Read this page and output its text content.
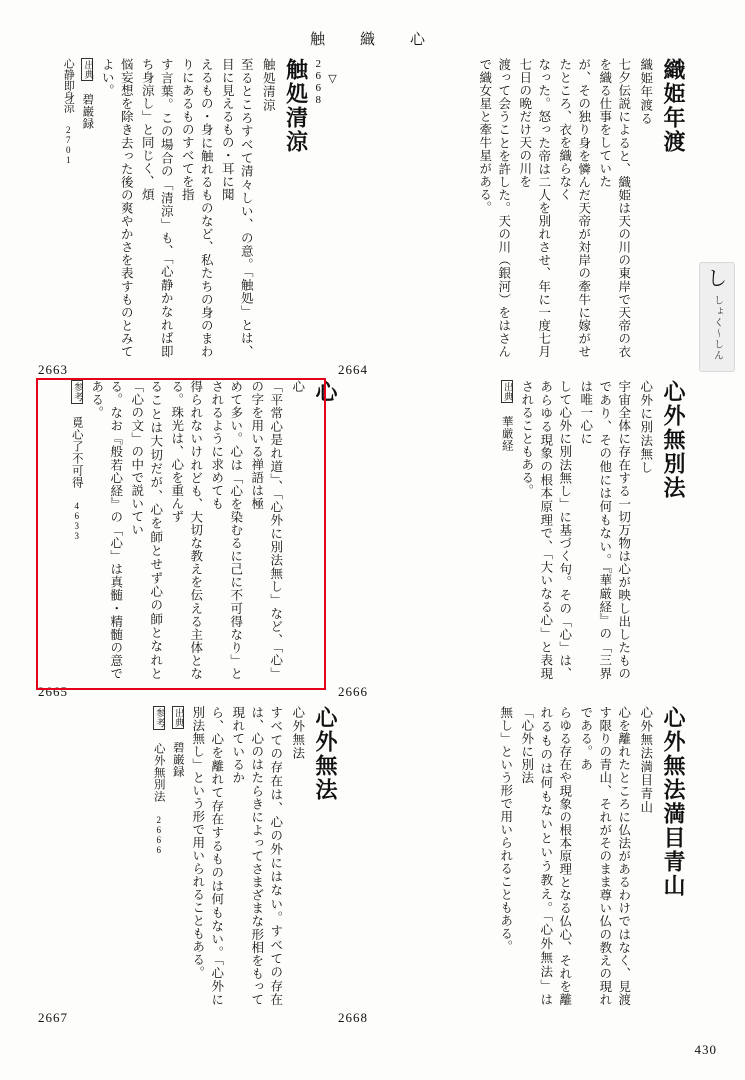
触　織　心
し
しょく〜しん
▽ 2668
触処清涼
触処清涼
至るところすべて清々しい、の意。「触処」とは、目に見えるもの・耳に聞
えるもの・身に触れるものなど、私たちの身のまわりにあるものすべてを指
す言葉。この場合の「清涼」も、「心静かなれば即ち身涼し」と同じく、煩
悩妄想を除き去った後の爽やかさを表すものとみてよい。
出典 碧巌録
心静即身涼 2701
2663
織姫年渡
織姫年渡る
七夕伝説によると、織姫は天の川の東岸で天帝の衣を織る仕事をしていた
が、その独り身を憐んだ天帝が対岸の牽牛に嫁がせたところ、衣を織らなく
なった。怒った帝は二人を別れさせ、年に一度七月七日の晩だけ天の川を
渡って会うことを許した。天の川（銀河）をはさんで織女星と牽牛星がある。
2664
心
心
「平常心是れ道」、「心外に別法無し」など、「心」の字を用いる禅語は極
めて多い。心は「心を染むるに己に不可得なり」とされるように求めても
得られないけれども、大切な教えを伝える主体となる。珠光は、心を重んず
ることは大切だが、心を師とせず心の師となれと「心の文」の中で説いてい
る。なお『般若心経』の「心」は真髄・精髄の意である。
参考 覓心了不可得 4633
2665
心外無別法
心外に別法無し
宇宙全体に存在する一切万物は心が映し出したものであり、その他には何もない。『華厳経』の「三界は唯一心に
して心外に別法無し」に基づく句。その「心」は、あらゆる現象の根本原理で、「大いなる心」と表現されることもある。
出典 華厳経
2666
心外無法
心外無法
すべての存在は、心の外にはない。すべての存在は、心のはたらきによってさまざまな形相をもって現れているか
ら、心を離れて存在するものは何もない。「心外に別法無し」という形で用いられることもある。
出典 碧巌録
参考 心外無別法 2666
2667
心外無法満目青山
心外無法満目青山
心を離れたところに仏法があるわけではなく、見渡す限りの青山、それがそのまま尊い仏の教えの現れである。あ
らゆる存在や現象の根本原理となる仏心、それを離れるものは何もないという教え。「心外無法」は「心外に別法
無し」という形で用いられることもある。
2668
430
